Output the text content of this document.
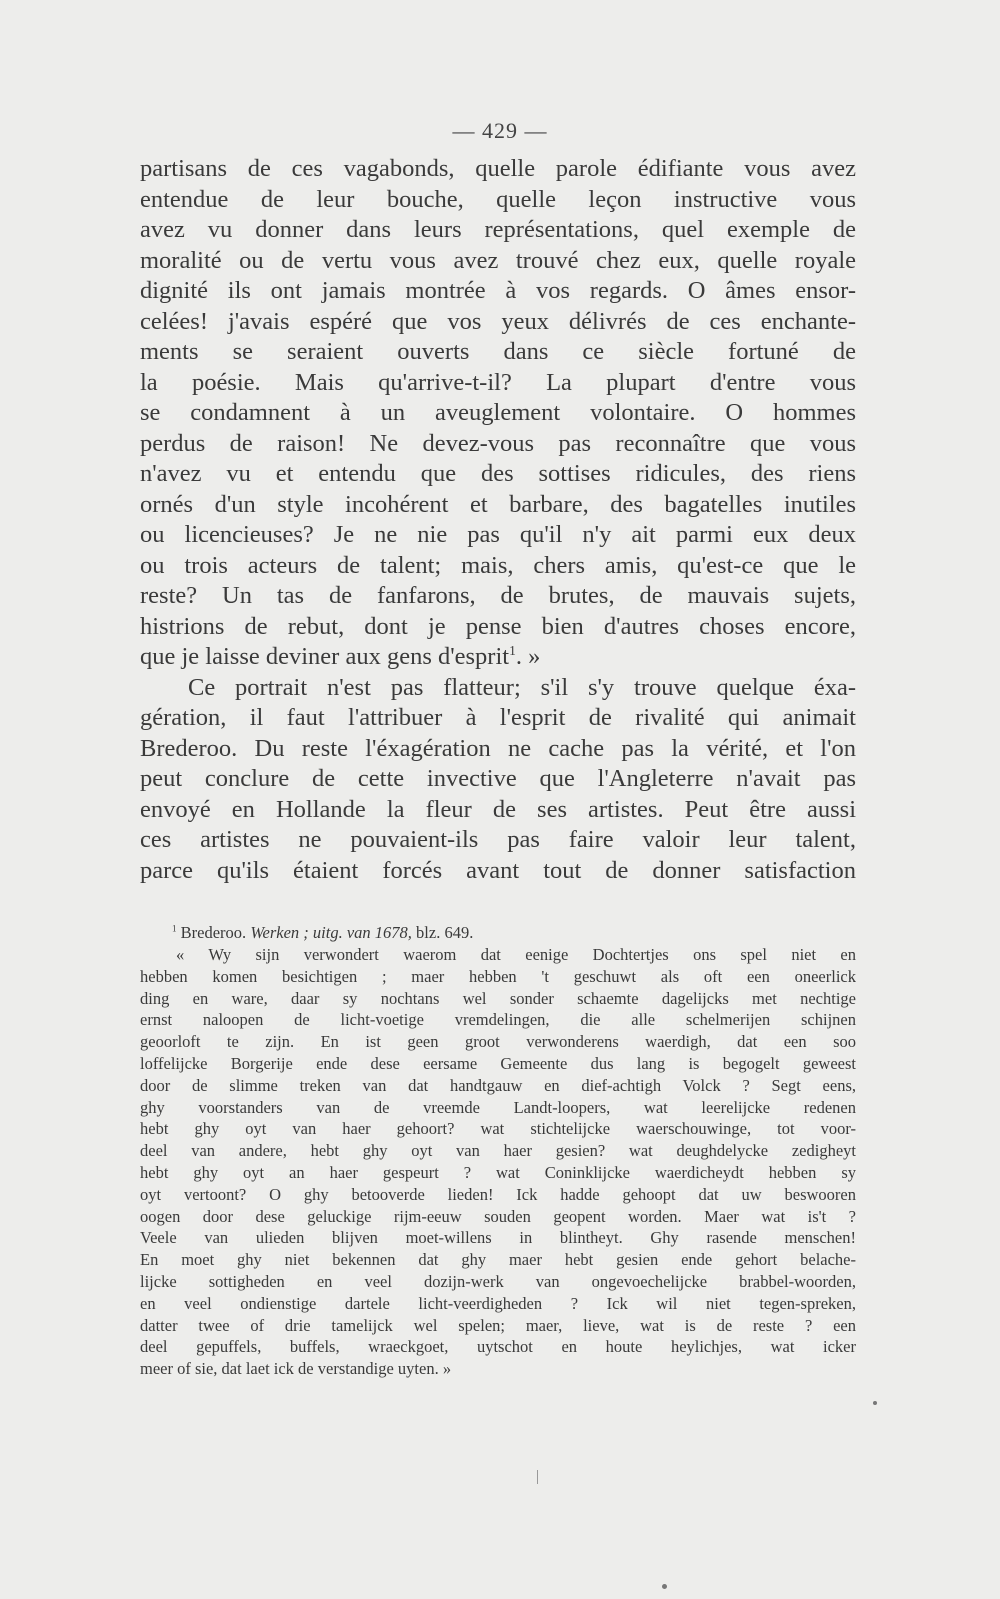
— 429 —
partisans de ces vagabonds, quelle parole édifiante vous avez
entendue de leur bouche, quelle leçon instructive vous
avez vu donner dans leurs représentations, quel exemple de
moralité ou de vertu vous avez trouvé chez eux, quelle royale
dignité ils ont jamais montrée à vos regards. O âmes ensor-
celées! j'avais espéré que vos yeux délivrés de ces enchante-
ments se seraient ouverts dans ce siècle fortuné de
la poésie. Mais qu'arrive-t-il? La plupart d'entre vous
se condamnent à un aveuglement volontaire. O hommes
perdus de raison! Ne devez-vous pas reconnaître que vous
n'avez vu et entendu que des sottises ridicules, des riens
ornés d'un style incohérent et barbare, des bagatelles inutiles
ou licencieuses? Je ne nie pas qu'il n'y ait parmi eux deux
ou trois acteurs de talent; mais, chers amis, qu'est-ce que le
reste? Un tas de fanfarons, de brutes, de mauvais sujets,
histrions de rebut, dont je pense bien d'autres choses encore,
que je laisse deviner aux gens d'esprit$^1$. »
Ce portrait n'est pas flatteur; s'il s'y trouve quelque éxa-
gération, il faut l'attribuer à l'esprit de rivalité qui animait
Brederoo. Du reste l'éxagération ne cache pas la vérité, et l'on
peut conclure de cette invective que l'Angleterre n'avait pas
envoyé en Hollande la fleur de ses artistes. Peut être aussi
ces artistes ne pouvaient-ils pas faire valoir leur talent,
parce qu'ils étaient forcés avant tout de donner satisfaction
$^1$ Brederoo. Werken ; uitg. van 1678, blz. 649.
« Wy sijn verwondert waerom dat eenige Dochtertjes ons spel niet en
hebben komen besichtigen ; maer hebben 't geschuwt als oft een oneerlick
ding en ware, daar sy nochtans wel sonder schaemte dagelijcks met nechtige
ernst naloopen de licht-voetige vremdelingen, die alle schelmerijen schijnen
geoorloft te zijn. En ist geen groot verwonderens waerdigh, dat een soo
loffelijcke Borgerije ende dese eersame Gemeente dus lang is begogelt geweest
door de slimme treken van dat handtgauw en dief-achtigh Volck ? Segt eens,
ghy voorstanders van de vreemde Landt-loopers, wat leerelijcke redenen
hebt ghy oyt van haer gehoort? wat stichtelijcke waerschouwinge, tot voor-
deel van andere, hebt ghy oyt van haer gesien? wat deughdelycke zedigheyt
hebt ghy oyt an haer gespeurt ? wat Coninklijcke waerdicheydt hebben sy
oyt vertoont? O ghy betooverde lieden! Ick hadde gehoopt dat uw beswooren
oogen door dese geluckige rijm-eeuw souden geopent worden. Maer wat is't ?
Veele van ulieden blijven moet-willens in blintheyt. Ghy rasende menschen!
En moet ghy niet bekennen dat ghy maer hebt gesien ende gehort belache-
lijcke sottigheden en veel dozijn-werk van ongevoechelijcke brabbel-woorden,
en veel ondienstige dartele licht-veerdigheden ? Ick wil niet tegen-spreken,
datter twee of drie tamelijck wel spelen; maer, lieve, wat is de reste ? een
deel gepuffels, buffels, wraeckgoet, uytschot en houte heylichjes, wat icker
meer of sie, dat laet ick de verstandige uyten. »
